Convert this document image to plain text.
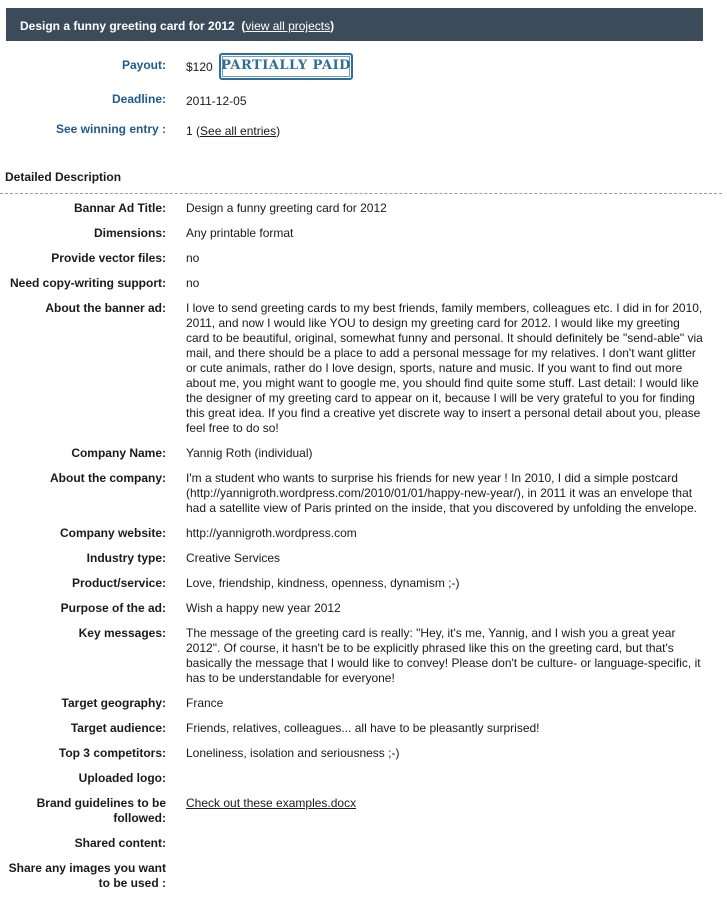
Design a funny greeting card for 2012  (view all projects)
Payout: $120 PARTIALLY PAID
Deadline: 2011-12-05
See winning entry : 1 (See all entries)
Detailed Description
Bannar Ad Title: Design a funny greeting card for 2012
Dimensions: Any printable format
Provide vector files: no
Need copy-writing support: no
About the banner ad: I love to send greeting cards to my best friends, family members, colleagues etc. I did in for 2010, 2011, and now I would like YOU to design my greeting card for 2012. I would like my greeting card to be beautiful, original, somewhat funny and personal. It should definitely be "send-able" via mail, and there should be a place to add a personal message for my relatives. I don't want glitter or cute animals, rather do I love design, sports, nature and music. If you want to find out more about me, you might want to google me, you should find quite some stuff. Last detail: I would like the designer of my greeting card to appear on it, because I will be very grateful to you for finding this great idea. If you find a creative yet discrete way to insert a personal detail about you, please feel free to do so!
Company Name: Yannig Roth (individual)
About the company: I'm a student who wants to surprise his friends for new year ! In 2010, I did a simple postcard (http://yannigroth.wordpress.com/2010/01/01/happy-new-year/), in 2011 it was an envelope that had a satellite view of Paris printed on the inside, that you discovered by unfolding the envelope.
Company website: http://yannigroth.wordpress.com
Industry type: Creative Services
Product/service: Love, friendship, kindness, openness, dynamism ;-)
Purpose of the ad: Wish a happy new year 2012
Key messages: The message of the greeting card is really: "Hey, it's me, Yannig, and I wish you a great year 2012". Of course, it hasn't be to be explicitly phrased like this on the greeting card, but that's basically the message that I would like to convey! Please don't be culture- or language-specific, it has to be understandable for everyone!
Target geography: France
Target audience: Friends, relatives, colleagues... all have to be pleasantly surprised!
Top 3 competitors: Loneliness, isolation and seriousness ;-)
Uploaded logo:
Brand guidelines to be followed:
Check out these examples.docx
Shared content:
Share any images you want to be used :
